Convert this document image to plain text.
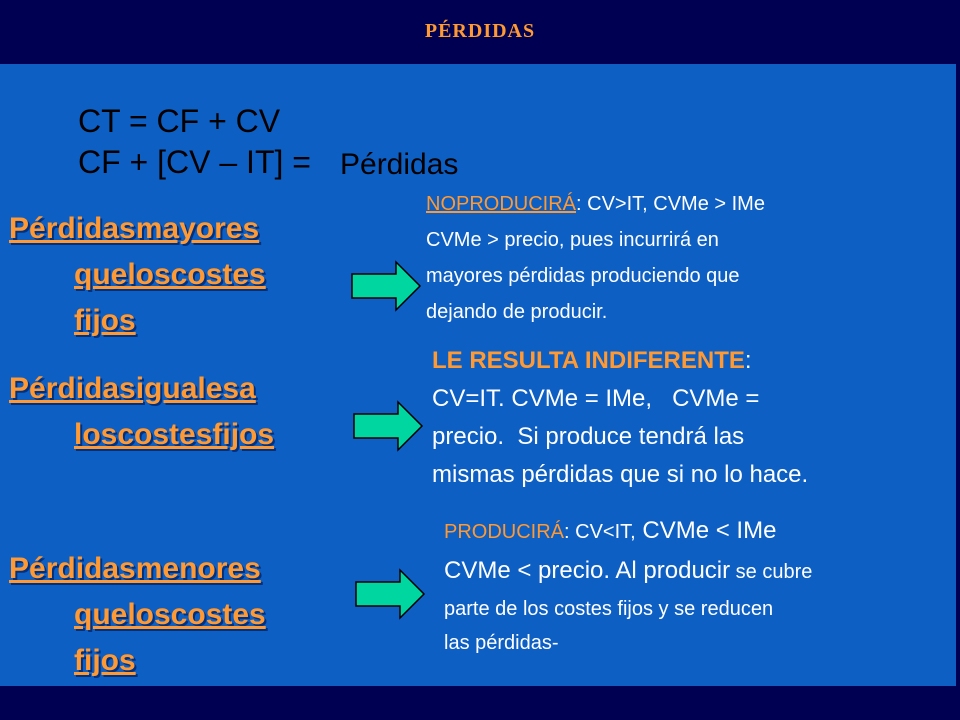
PÉRDIDAS
CT = CF + CV
CF + [CV – IT] = Pérdidas
Pérdidasmayores
queloscostes
fijos
NOPRODUCIRÁ: CV>IT, CVMe > IMe
CVMe > precio, pues incurrirá en
mayores pérdidas produciendo que
dejando de producir.
Pérdidasigualesa
loscostesfijos
LE RESULTA INDIFERENTE:
CV=IT. CVMe = IMe,   CVMe =
precio.  Si produce tendrá las
mismas pérdidas que si no lo hace.
Pérdidasmenores
queloscostes
fijos
PRODUCIRÁ: CV<IT, CVMe < IMe
CVMe < precio. Al producir se cubre
parte de los costes fijos y se reducen
las pérdidas-
